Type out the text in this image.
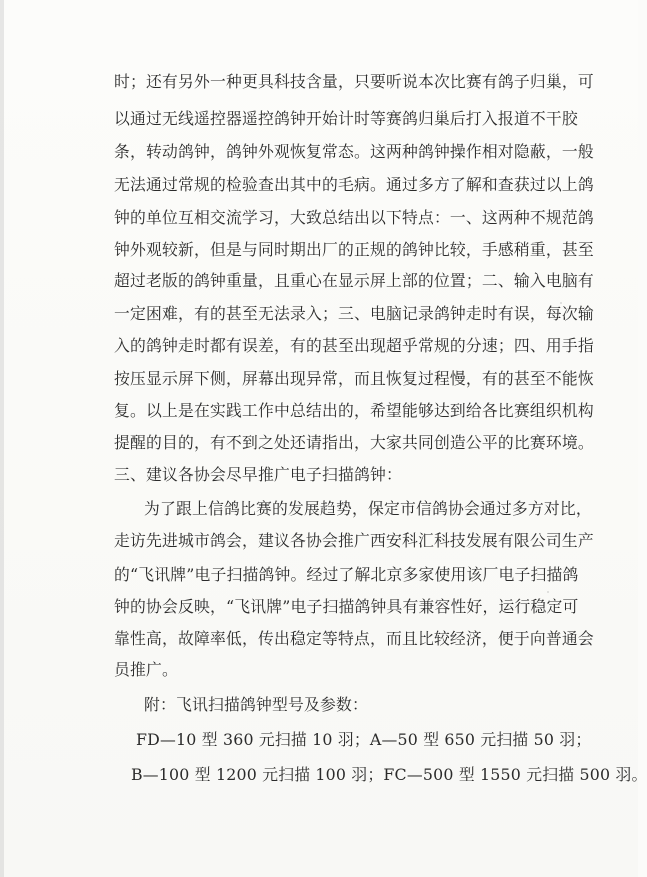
时；还有另外一种更具科技含量，只要听说本次比赛有鸽子归巢，可
以通过无线遥控器遥控鸽钟开始计时等赛鸽归巢后打入报道不干胶
条，转动鸽钟，鸽钟外观恢复常态。这两种鸽钟操作相对隐蔽，一般
无法通过常规的检验查出其中的毛病。通过多方了解和查获过以上鸽
钟的单位互相交流学习，大致总结出以下特点：一、这两种不规范鸽
钟外观较新，但是与同时期出厂的正规的鸽钟比较，手感稍重，甚至
超过老版的鸽钟重量，且重心在显示屏上部的位置；二、输入电脑有
一定困难，有的甚至无法录入；三、电脑记录鸽钟走时有误，每次输
入的鸽钟走时都有误差，有的甚至出现超乎常规的分速；四、用手指
按压显示屏下侧，屏幕出现异常，而且恢复过程慢，有的甚至不能恢
复。以上是在实践工作中总结出的，希望能够达到给各比赛组织机构
提醒的目的，有不到之处还请指出，大家共同创造公平的比赛环境。
三、建议各协会尽早推广电子扫描鸽钟：
为了跟上信鸽比赛的发展趋势，保定市信鸽协会通过多方对比，
走访先进城市鸽会，建议各协会推广西安科汇科技发展有限公司生产
的“飞讯牌”电子扫描鸽钟。经过了解北京多家使用该厂电子扫描鸽
钟的协会反映，“飞讯牌”电子扫描鸽钟具有兼容性好，运行稳定可
靠性高，故障率低，传出稳定等特点，而且比较经济，便于向普通会
员推广。
附：飞讯扫描鸽钟型号及参数：
FD—10 型 360 元扫描 10 羽；A—50 型 650 元扫描 50 羽；
B—100 型 1200 元扫描 100 羽；FC—500 型 1550 元扫描 500 羽。
